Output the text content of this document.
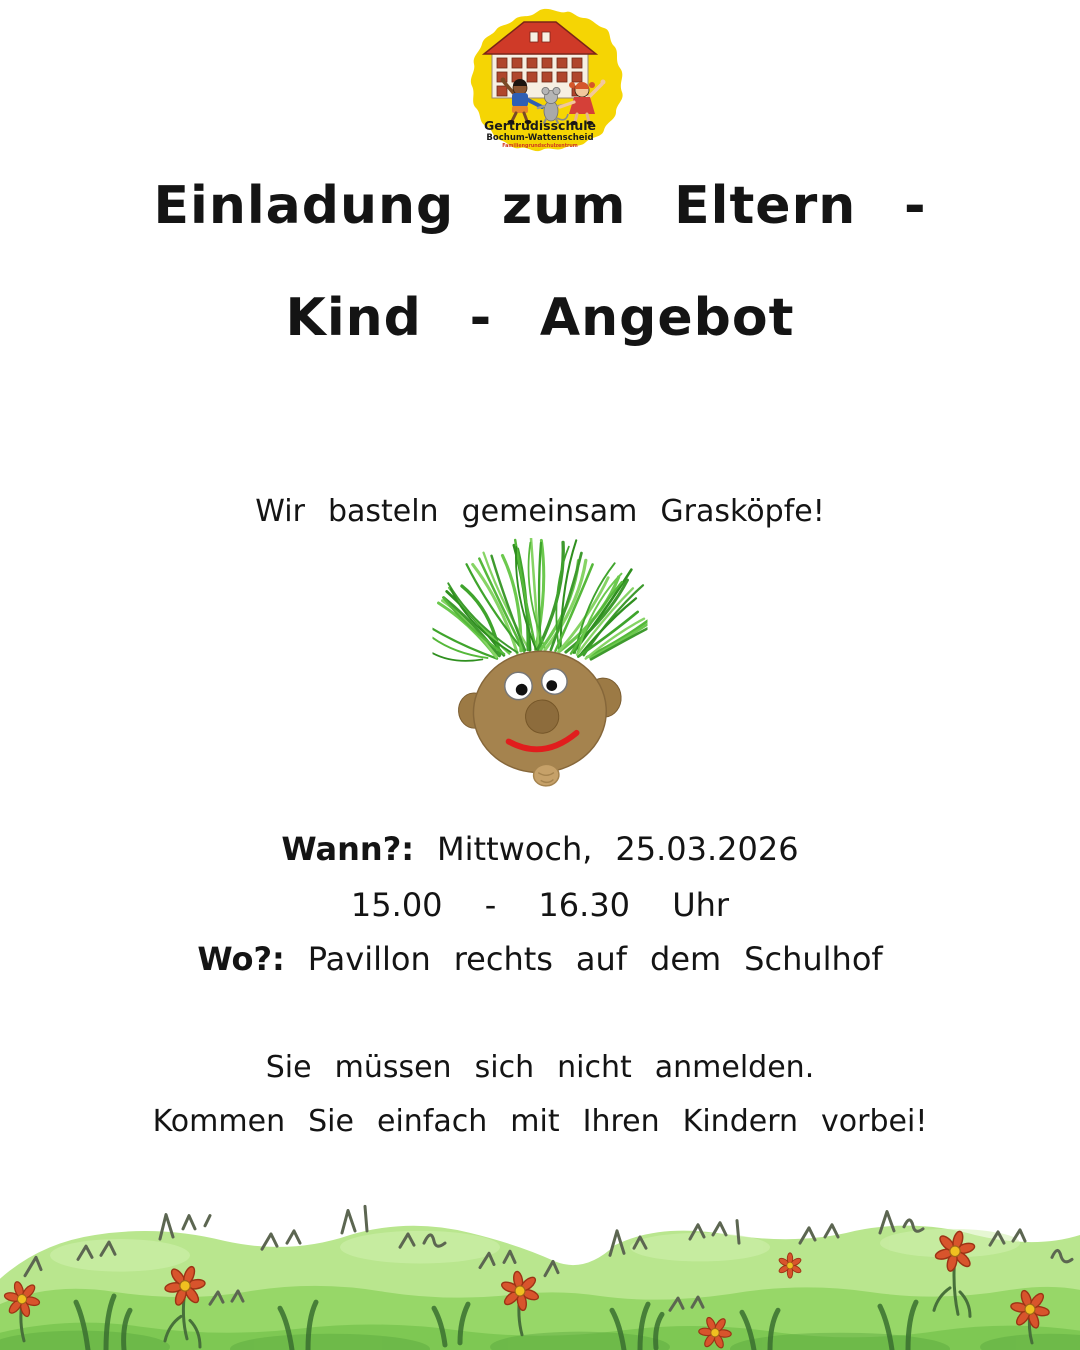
Gertrudisschule
Bochum-Wattenscheid
Familiengrundschulzentrum
Einladung zum Eltern -
Kind - Angebot
Wir basteln gemeinsam Grasköpfe!
Wann?: Mittwoch, 25.03.2026
15.00 - 16.30 Uhr
Wo?: Pavillon rechts auf dem Schulhof
Sie müssen sich nicht anmelden.
Kommen Sie einfach mit Ihren Kindern vorbei!
